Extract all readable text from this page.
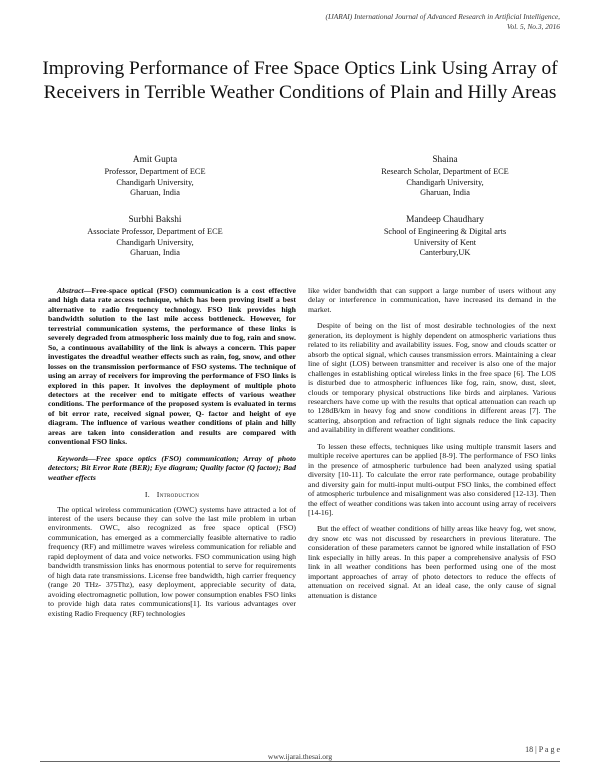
(IJARAI) International Journal of Advanced Research in Artificial Intelligence,
Vol. 5, No.3, 2016
Improving Performance of Free Space Optics Link Using Array of Receivers in Terrible Weather Conditions of Plain and Hilly Areas
Amit Gupta
Professor, Department of ECE
Chandigarh University,
Gharuan, India
Shaina
Research Scholar, Department of ECE
Chandigarh University,
Gharuan, India
Surbhi Bakshi
Associate Professor, Department of ECE
Chandigarh University,
Gharuan, India
Mandeep Chaudhary
School of Engineering & Digital arts
University of Kent
Canterbury,UK

Abstract—Free-space optical (FSO) communication is a cost effective and high data rate access technique, which has been proving itself a best alternative to radio frequency technology. FSO link provides high bandwidth solution to the last mile access bottleneck. However, for terrestrial communication systems, the performance of these links is severely degraded from atmospheric loss mainly due to fog, rain and snow. So, a continuous availability of the link is always a concern. This paper investigates the dreadful weather effects such as rain, fog, snow, and other losses on the transmission performance of FSO systems. The technique of using an array of receivers for improving the performance of FSO links is explored in this paper. It involves the deployment of multiple photo detectors at the receiver end to mitigate effects of various weather conditions. The performance of the proposed system is evaluated in terms of bit error rate, received signal power, Q- factor and height of eye diagram. The influence of various weather conditions of plain and hilly areas are taken into consideration and results are compared with conventional FSO links.

Keywords—Free space optics (FSO) communication; Array of photo detectors; Bit Error Rate (BER); Eye diagram; Quality factor (Q factor); Bad weather effects

I. Introduction

The optical wireless communication (OWC) systems have attracted a lot of interest of the users because they can solve the last mile problem in urban environments. OWC, also recognized as free space optical (FSO) communication, has emerged as a commercially feasible alternative to radio frequency (RF) and millimetre waves wireless communication for reliable and rapid deployment of data and voice networks. FSO communication using high bandwidth transmission links has enormous potential to serve for requirements of high data rate transmissions. License free bandwidth, high carrier frequency (range 20 THz- 375Thz), easy deployment, appreciable security of data, avoiding electromagnetic pollution, low power consumption enables FSO links to provide high data rates communications[1]. Its various advantages over existing Radio Frequency (RF) technologies

like wider bandwidth that can support a large number of users without any delay or interference in communication, have increased its demand in the market.

Despite of being on the list of most desirable technologies of the next generation, its deployment is highly dependent on atmospheric variations thus related to its reliability and availability issues. Fog, snow and clouds scatter or absorb the optical signal, which causes transmission errors. Maintaining a clear line of sight (LOS) between transmitter and receiver is also one of the major challenges in establishing optical wireless links in the free space [6]. The LOS is disturbed due to atmospheric influences like fog, rain, snow, dust, sleet, clouds or temporary physical obstructions like birds and airplanes. Various researchers have come up with the results that optical attenuation can reach up to 128dB/km in heavy fog and snow conditions in different areas [7]. The scattering, absorption and refraction of light signals reduce the link capacity and availability in different weather conditions.

To lessen these effects, techniques like using multiple transmit lasers and multiple receive apertures can be applied [8-9]. The performance of FSO links in the presence of atmospheric turbulence had been analyzed using spatial diversity [10-11]. To calculate the error rate performance, outage probability and diversity gain for multi-input multi-output FSO links, the combined effect of atmospheric turbulence and misalignment was also considered [12-13]. Then the effect of weather conditions was taken into account using array of receivers [14-16].

But the effect of weather conditions of hilly areas like heavy fog, wet snow, dry snow etc was not discussed by researchers in previous literature. The consideration of these parameters cannot be ignored while installation of FSO link especially in hilly areas. In this paper a comprehensive analysis of FSO link in all weather conditions has been performed using one of the most important approaches of array of photo detectors to reduce the effects of attenuation on received signal. At an ideal case, the only cause of signal attenuation is distance

18 | P a g e
www.ijarai.thesai.org
